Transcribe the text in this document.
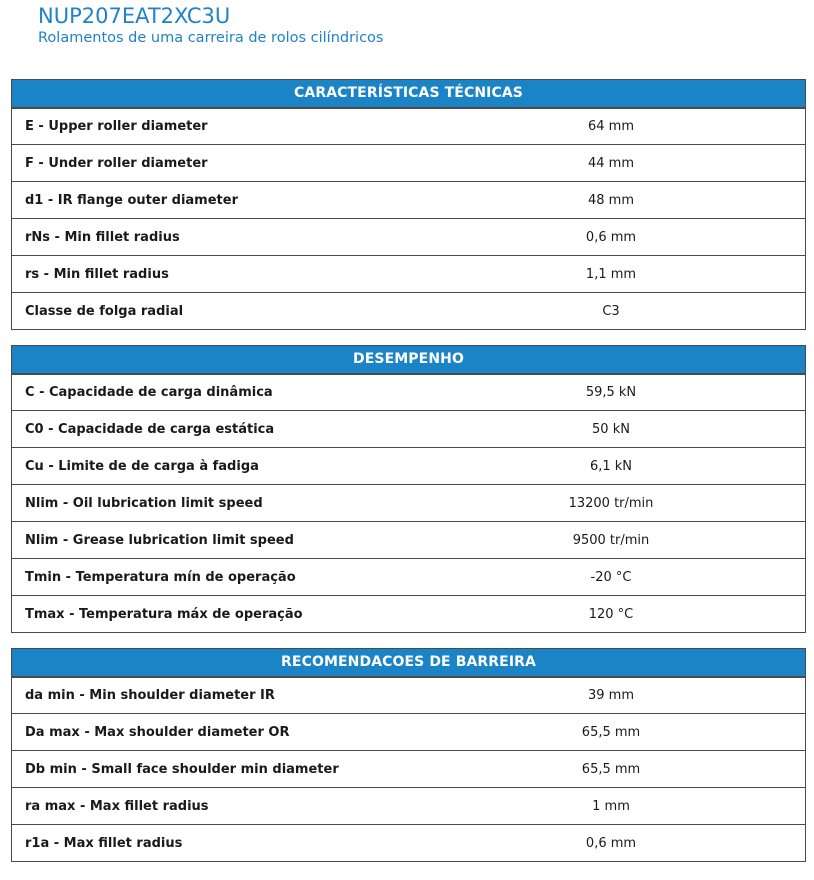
NUP207EAT2XC3U
Rolamentos de uma carreira de rolos cilíndricos
CARACTERÍSTICAS TÉCNICAS
E - Upper roller diameter	64 mm
F - Under roller diameter	44 mm
d1 - IR flange outer diameter	48 mm
rNs - Min fillet radius	0,6 mm
rs - Min fillet radius	1,1 mm
Classe de folga radial	C3
DESEMPENHO
C - Capacidade de carga dinâmica	59,5 kN
C0 - Capacidade de carga estática	50 kN
Cu - Limite de de carga à fadiga	6,1 kN
Nlim - Oil lubrication limit speed	13200 tr/min
Nlim - Grease lubrication limit speed	9500 tr/min
Tmin - Temperatura mín de operação	-20 °C
Tmax - Temperatura máx de operação	120 °C
RECOMENDACOES DE BARREIRA
da min - Min shoulder diameter IR	39 mm
Da max - Max shoulder diameter OR	65,5 mm
Db min - Small face shoulder min diameter	65,5 mm
ra max - Max fillet radius	1 mm
r1a - Max fillet radius	0,6 mm
